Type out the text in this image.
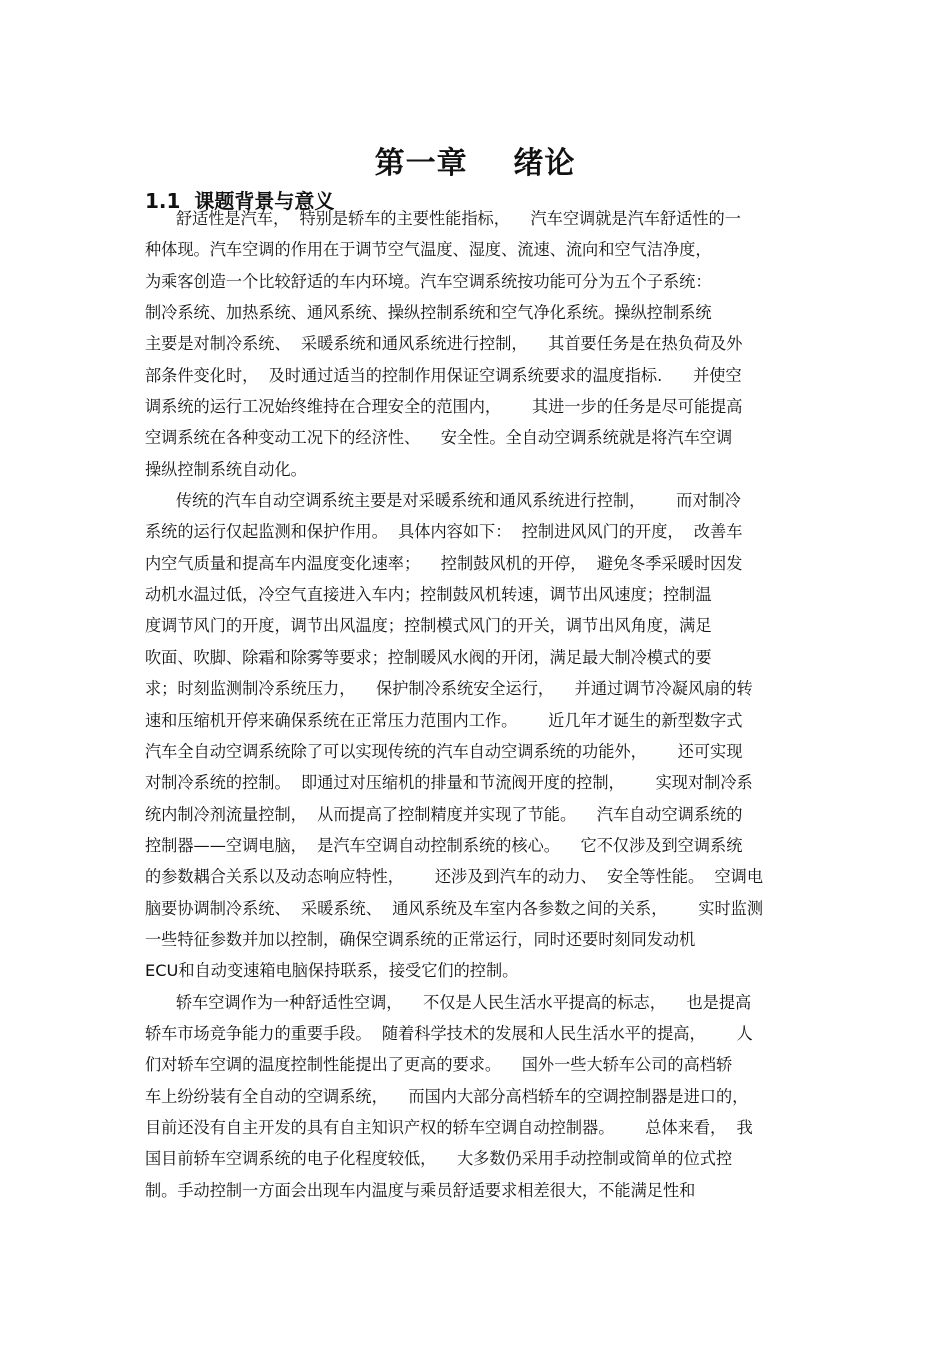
第一章    绪论
1.1  课题背景与意义
舒适性是汽车，  特别是轿车的主要性能指标，    汽车空调就是汽车舒适性的一
种体现。汽车空调的作用在于调节空气温度、湿度、流速、流向和空气洁净度，
为乘客创造一个比较舒适的车内环境。汽车空调系统按功能可分为五个子系统：
制冷系统、加热系统、通风系统、操纵控制系统和空气净化系统。操纵控制系统
主要是对制冷系统、  采暖系统和通风系统进行控制，    其首要任务是在热负荷及外
部条件变化时，  及时通过适当的控制作用保证空调系统要求的温度指标.      并使空
调系统的运行工况始终维持在合理安全的范围内，      其进一步的任务是尽可能提高
空调系统在各种变动工况下的经济性、    安全性。全自动空调系统就是将汽车空调
操纵控制系统自动化。
传统的汽车自动空调系统主要是对采暖系统和通风系统进行控制，      而对制冷
系统的运行仅起监测和保护作用。  具体内容如下：  控制进风风门的开度，  改善车
内空气质量和提高车内温度变化速率；    控制鼓风机的开停，  避免冬季采暖时因发
动机水温过低，冷空气直接进入车内；控制鼓风机转速，调节出风速度；控制温
度调节风门的开度，调节出风温度；控制模式风门的开关，调节出风角度，满足
吹面、吹脚、除霜和除雾等要求；控制暖风水阀的开闭，满足最大制冷模式的要
求；时刻监测制冷系统压力，    保护制冷系统安全运行，    并通过调节冷凝风扇的转
速和压缩机开停来确保系统在正常压力范围内工作。      近几年才诞生的新型数字式
汽车全自动空调系统除了可以实现传统的汽车自动空调系统的功能外，      还可实现
对制冷系统的控制。  即通过对压缩机的排量和节流阀开度的控制，      实现对制冷系
统内制冷剂流量控制，  从而提高了控制精度并实现了节能。    汽车自动空调系统的
控制器——空调电脑，  是汽车空调自动控制系统的核心。    它不仅涉及到空调系统
的参数耦合关系以及动态响应特性，      还涉及到汽车的动力、  安全等性能。  空调电
脑要协调制冷系统、  采暖系统、  通风系统及车室内各参数之间的关系，      实时监测
一些特征参数并加以控制，确保空调系统的正常运行，同时还要时刻同发动机
ECU和自动变速箱电脑保持联系，接受它们的控制。
轿车空调作为一种舒适性空调，    不仅是人民生活水平提高的标志，    也是提高
轿车市场竞争能力的重要手段。  随着科学技术的发展和人民生活水平的提高，      人
们对轿车空调的温度控制性能提出了更高的要求。    国外一些大轿车公司的高档轿
车上纷纷装有全自动的空调系统，    而国内大部分高档轿车的空调控制器是进口的，
目前还没有自主开发的具有自主知识产权的轿车空调自动控制器。      总体来看，  我
国目前轿车空调系统的电子化程度较低，    大多数仍采用手动控制或简单的位式控
制。手动控制一方面会出现车内温度与乘员舒适要求相差很大，不能满足性和
